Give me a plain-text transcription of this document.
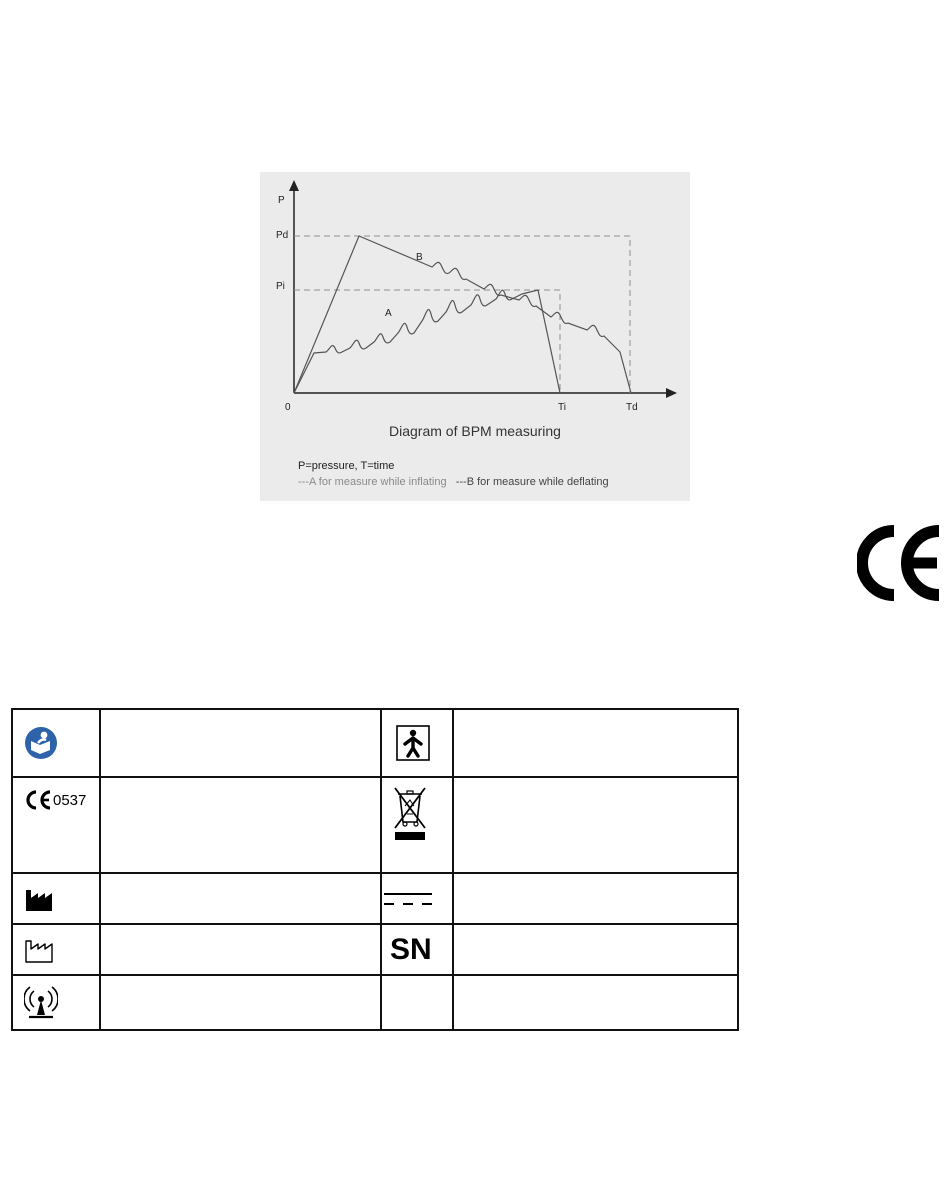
P
Pd
Pi
0	Ti	Td
A
B
Diagram of BPM measuring
P=pressure, T=time
---A for measure while inflating ---B for measure while deflating

0537

SN	
